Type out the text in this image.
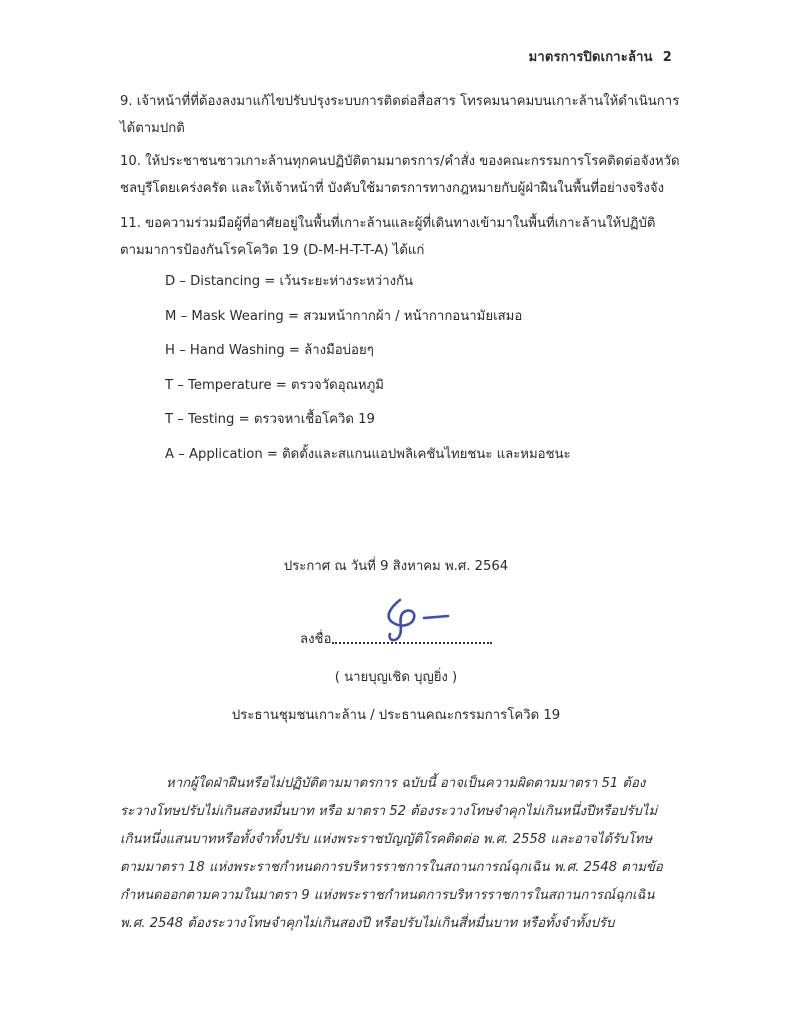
มาตรการปิดเกาะล้าน 2
9. เจ้าหน้าที่ที่ต้องลงมาแก้ไขปรับปรุงระบบการติดต่อสื่อสาร โทรคมนาคมบนเกาะล้านให้ดำเนินการได้ตามปกติ
10. ให้ประชาชนชาวเกาะล้านทุกคนปฏิบัติตามมาตรการ/คำสั่ง ของคณะกรรมการโรคติดต่อจังหวัดชลบุรีโดยเคร่งครัด และให้เจ้าหน้าที่ บังคับใช้มาตรการทางกฎหมายกับผู้ฝ่าฝืนในพื้นที่อย่างจริงจัง
11. ขอความร่วมมือผู้ที่อาศัยอยู่ในพื้นที่เกาะล้านและผู้ที่เดินทางเข้ามาในพื้นที่เกาะล้านให้ปฏิบัติตามมาการป้องกันโรคโควิด 19 (D-M-H-T-T-A) ได้แก่
D – Distancing = เว้นระยะห่างระหว่างกัน
M – Mask Wearing = สวมหน้ากากผ้า / หน้ากากอนามัยเสมอ
H – Hand Washing = ล้างมือบ่อยๆ
T – Temperature = ตรวจวัดอุณหภูมิ
T – Testing = ตรวจหาเชื้อโควิด 19
A – Application = ติดตั้งและสแกนแอปพลิเคชันไทยชนะ และหมอชนะ
ประกาศ ณ วันที่ 9 สิงหาคม พ.ศ. 2564
ลงชื่อ
( นายบุญเชิด บุญยิ่ง )
ประธานชุมชนเกาะล้าน / ประธานคณะกรรมการโควิด 19
หากผู้ใดฝ่าฝืนหรือไม่ปฏิบัติตามมาตรการ ฉบับนี้ อาจเป็นความผิดตามมาตรา 51 ต้องระวางโทษปรับไม่เกินสองหมื่นบาท หรือ มาตรา 52 ต้องระวางโทษจำคุกไม่เกินหนึ่งปีหรือปรับไม่เกินหนึ่งแสนบาทหรือทั้งจำทั้งปรับ แห่งพระราชบัญญัติโรคติดต่อ พ.ศ. 2558 และอาจได้รับโทษตามมาตรา 18 แห่งพระราชกำหนดการบริหารราชการในสถานการณ์ฉุกเฉิน พ.ศ. 2548 ตามข้อกำหนดออกตามความในมาตรา 9 แห่งพระราชกำหนดการบริหารราชการในสถานการณ์ฉุกเฉิน พ.ศ. 2548 ต้องระวางโทษจำคุกไม่เกินสองปี หรือปรับไม่เกินสี่หมื่นบาท หรือทั้งจำทั้งปรับ
